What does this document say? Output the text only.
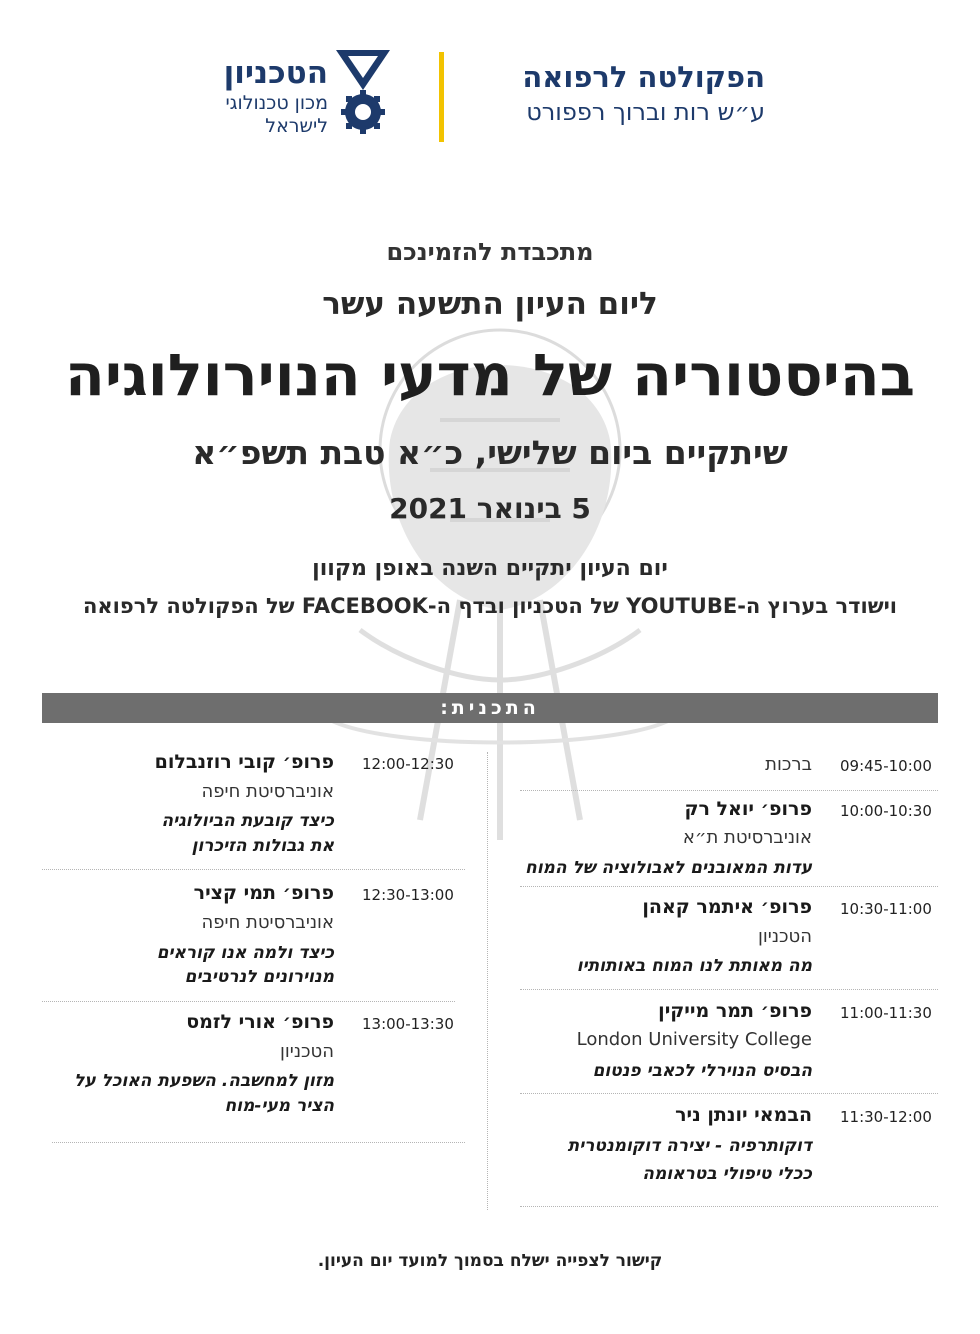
הפקולטה לרפואה
ע״ש רות וברוך רפפורט
הטכניון
מכון טכנולוגי
לישראל
מתכבדת להזמינכם
ליום העיון התשעה עשר
בהיסטוריה של מדעי הנוירולוגיה
שיתקיים ביום שלישי, כ״א טבת תשפ״א
5 בינואר 2021
יום העיון יתקיים השנה באופן מקוון
וישודר בערוץ ה-YOUTUBE של הטכניון ובדף ה-FACEBOOK של הפקולטה לרפואה
התכנית:
09:45-10:00
ברכות
10:00-10:30
פרופ׳ יואל רק
אוניברסיטת ת״א
עדות המאובנים לאבולוציה של המוח
10:30-11:00
פרופ׳ איתמר קאהן
הטכניון
מה מאותת לנו המוח באותותיו
11:00-11:30
פרופ׳ תמר מייקין
London University College
הבסיס הנוירלי לכאבי פנטום
11:30-12:00
הבמאי יונתן ניר
דוקותרפיה - יצירה דוקומנטרית
ככלי טיפולי בטראומה
12:00-12:30
פרופ׳ קובי רוזנבלום
אוניברסיטת חיפה
כיצד קובעת הביולוגיה
את גבולות הזיכרון
12:30-13:00
פרופ׳ תמי קציר
אוניברסיטת חיפה
כיצד ולמה אנו קוראים
מנוירונים לנרטיבים
13:00-13:30
פרופ׳ אורי לזמס
הטכניון
מזון למחשבה. השפעת האוכל על
הציר מעי-מוח
קישור לצפייה ישלח בסמוך למועד יום העיון.
